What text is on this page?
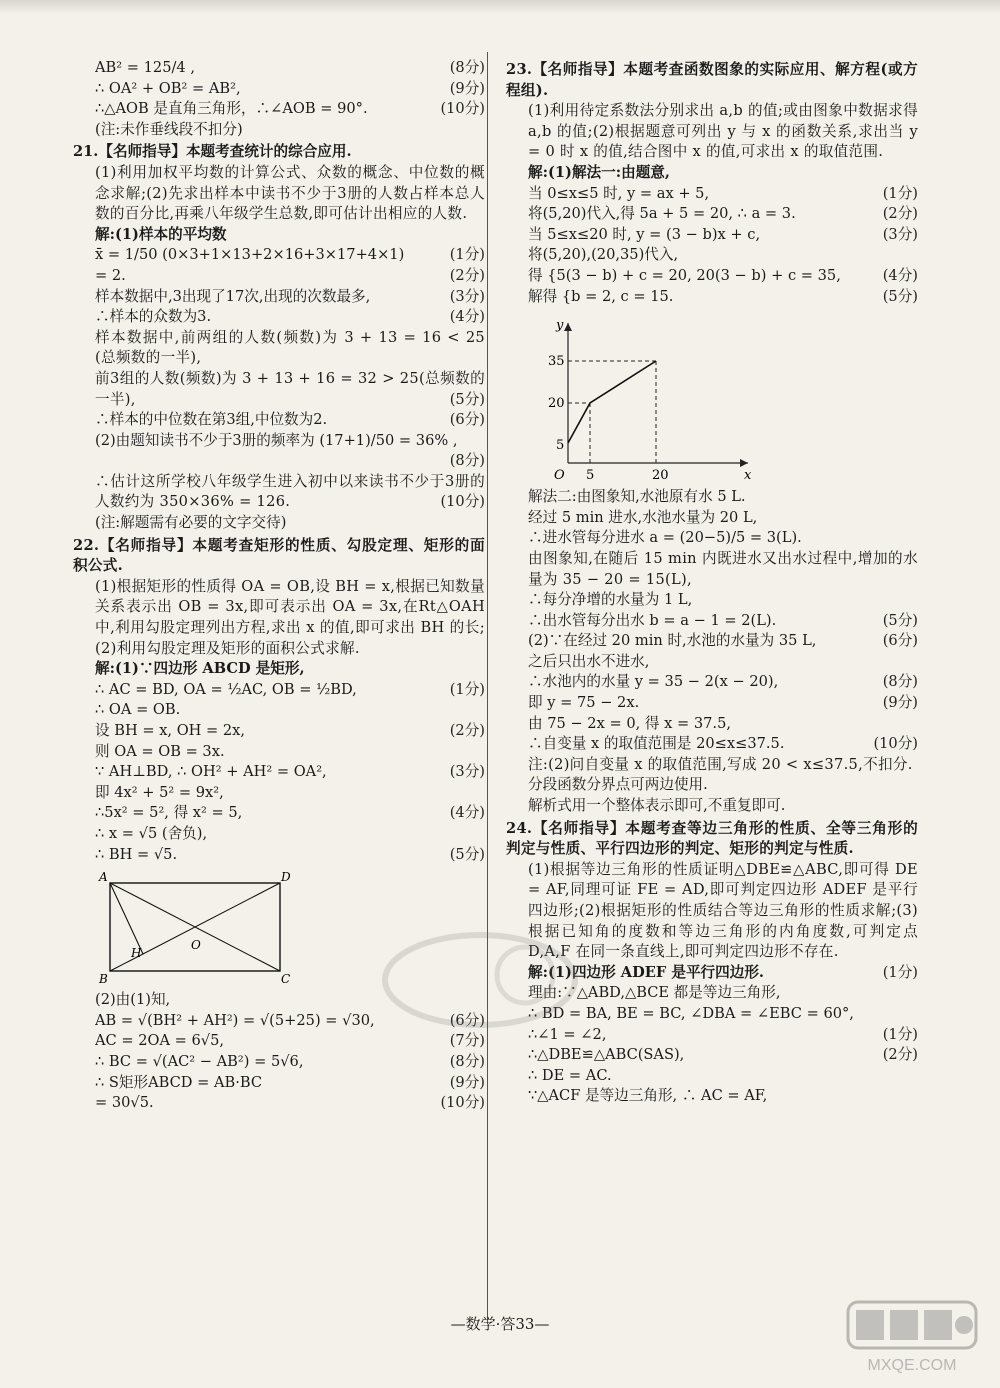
AB² = 125/4 ,	(8分)
∴ OA² + OB² = AB²,	(9分)
∴△AOB 是直角三角形，∴∠AOB = 90°.	(10分)
(注:未作垂线段不扣分)
21.【名师指导】本题考查统计的综合应用.
(1)利用加权平均数的计算公式、众数的概念、中位数的概念求解;(2)先求出样本中读书不少于3册的人数占样本总人数的百分比,再乘八年级学生总数,即可估计出相应的人数.
解:(1)样本的平均数
x̄ = 1/50 (0×3+1×13+2×16+3×17+4×1)	(1分)
= 2.	(2分)
样本数据中,3出现了17次,出现的次数最多,	(3分)
∴样本的众数为3.	(4分)
样本数据中,前两组的人数(频数)为 3 + 13 = 16 < 25 (总频数的一半),
前3组的人数(频数)为 3 + 13 + 16 = 32 > 25(总频数的一半),	(5分)
∴样本的中位数在第3组,中位数为2.	(6分)
(2)由题知读书不少于3册的频率为 (17+1)/50 = 36% ,
(8分)
∴估计这所学校八年级学生进入初中以来读书不少于3册的人数约为 350×36% = 126.	(10分)
(注:解题需有必要的文字交待)
22.【名师指导】本题考查矩形的性质、勾股定理、矩形的面积公式.
(1)根据矩形的性质得 OA = OB,设 BH = x,根据已知数量关系表示出 OB = 3x,即可表示出 OA = 3x,在Rt△OAH中,利用勾股定理列出方程,求出 x 的值,即可求出 BH 的长;(2)利用勾股定理及矩形的面积公式求解.
解:(1)∵四边形 ABCD 是矩形,
∴ AC = BD, OA = ½AC, OB = ½BD,	(1分)
∴ OA = OB.
设 BH = x, OH = 2x,	(2分)
则 OA = OB = 3x.
∵ AH⊥BD, ∴ OH² + AH² = OA²,	(3分)
即 4x² + 5² = 9x²,
∴5x² = 5², 得 x² = 5,	(4分)
∴ x = √5 (舍负),
∴ BH = √5.	(5分)
A	D
B	C
H
O
(2)由(1)知,
AB = √(BH² + AH²) = √(5+25) = √30,	(6分)
AC = 2OA = 6√5,	(7分)
∴ BC = √(AC² − AB²) = 5√6,	(8分)
∴ S矩形ABCD = AB·BC	(9分)
= 30√5.	(10分)
23.【名师指导】本题考查函数图象的实际应用、解方程(或方程组).
(1)利用待定系数法分别求出 a,b 的值;或由图象中数据求得 a,b 的值;(2)根据题意可列出 y 与 x 的函数关系,求出当 y = 0 时 x 的值,结合图中 x 的值,可求出 x 的取值范围.
解:(1)解法一:由题意,
当 0≤x≤5 时, y = ax + 5,	(1分)
将(5,20)代入,得 5a + 5 = 20, ∴ a = 3.	(2分)
当 5≤x≤20 时, y = (3 − b)x + c,	(3分)
将(5,20),(20,35)代入,
得 {5(3 − b) + c = 20, 20(3 − b) + c = 35,	(4分)
解得 {b = 2, c = 15.	(5分)
y
x
O
5
20
35
5	20
解法二:由图象知,水池原有水 5 L.
经过 5 min 进水,水池水量为 20 L,
∴进水管每分进水 a = (20−5)/5 = 3(L).
由图象知,在随后 15 min 内既进水又出水过程中,增加的水量为 35 − 20 = 15(L),
∴每分净增的水量为 1 L,
∴出水管每分出水 b = a − 1 = 2(L).	(5分)
(2)∵在经过 20 min 时,水池的水量为 35 L,	(6分)
之后只出水不进水,
∴水池内的水量 y = 35 − 2(x − 20),	(8分)
即 y = 75 − 2x.	(9分)
由 75 − 2x = 0, 得 x = 37.5,
∴自变量 x 的取值范围是 20≤x≤37.5.	(10分)
注:(2)问自变量 x 的取值范围,写成 20 < x≤37.5,不扣分.
分段函数分界点可两边使用.
解析式用一个整体表示即可,不重复即可.
24.【名师指导】本题考查等边三角形的性质、全等三角形的判定与性质、平行四边形的判定、矩形的判定与性质.
(1)根据等边三角形的性质证明△DBE≌△ABC,即可得 DE = AF,同理可证 FE = AD,即可判定四边形 ADEF 是平行四边形;(2)根据矩形的性质结合等边三角形的性质求解;(3)根据已知角的度数和等边三角形的内角度数,可判定点 D,A,F 在同一条直线上,即可判定四边形不存在.
解:(1)四边形 ADEF 是平行四边形.	(1分)
理由:∵△ABD,△BCE 都是等边三角形,
∴ BD = BA, BE = BC, ∠DBA = ∠EBC = 60°,
∴∠1 = ∠2,	(1分)
∴△DBE≌△ABC(SAS),	(2分)
∴ DE = AC.
∵△ACF 是等边三角形, ∴ AC = AF,
—数学·答33—
MXQE.COM
